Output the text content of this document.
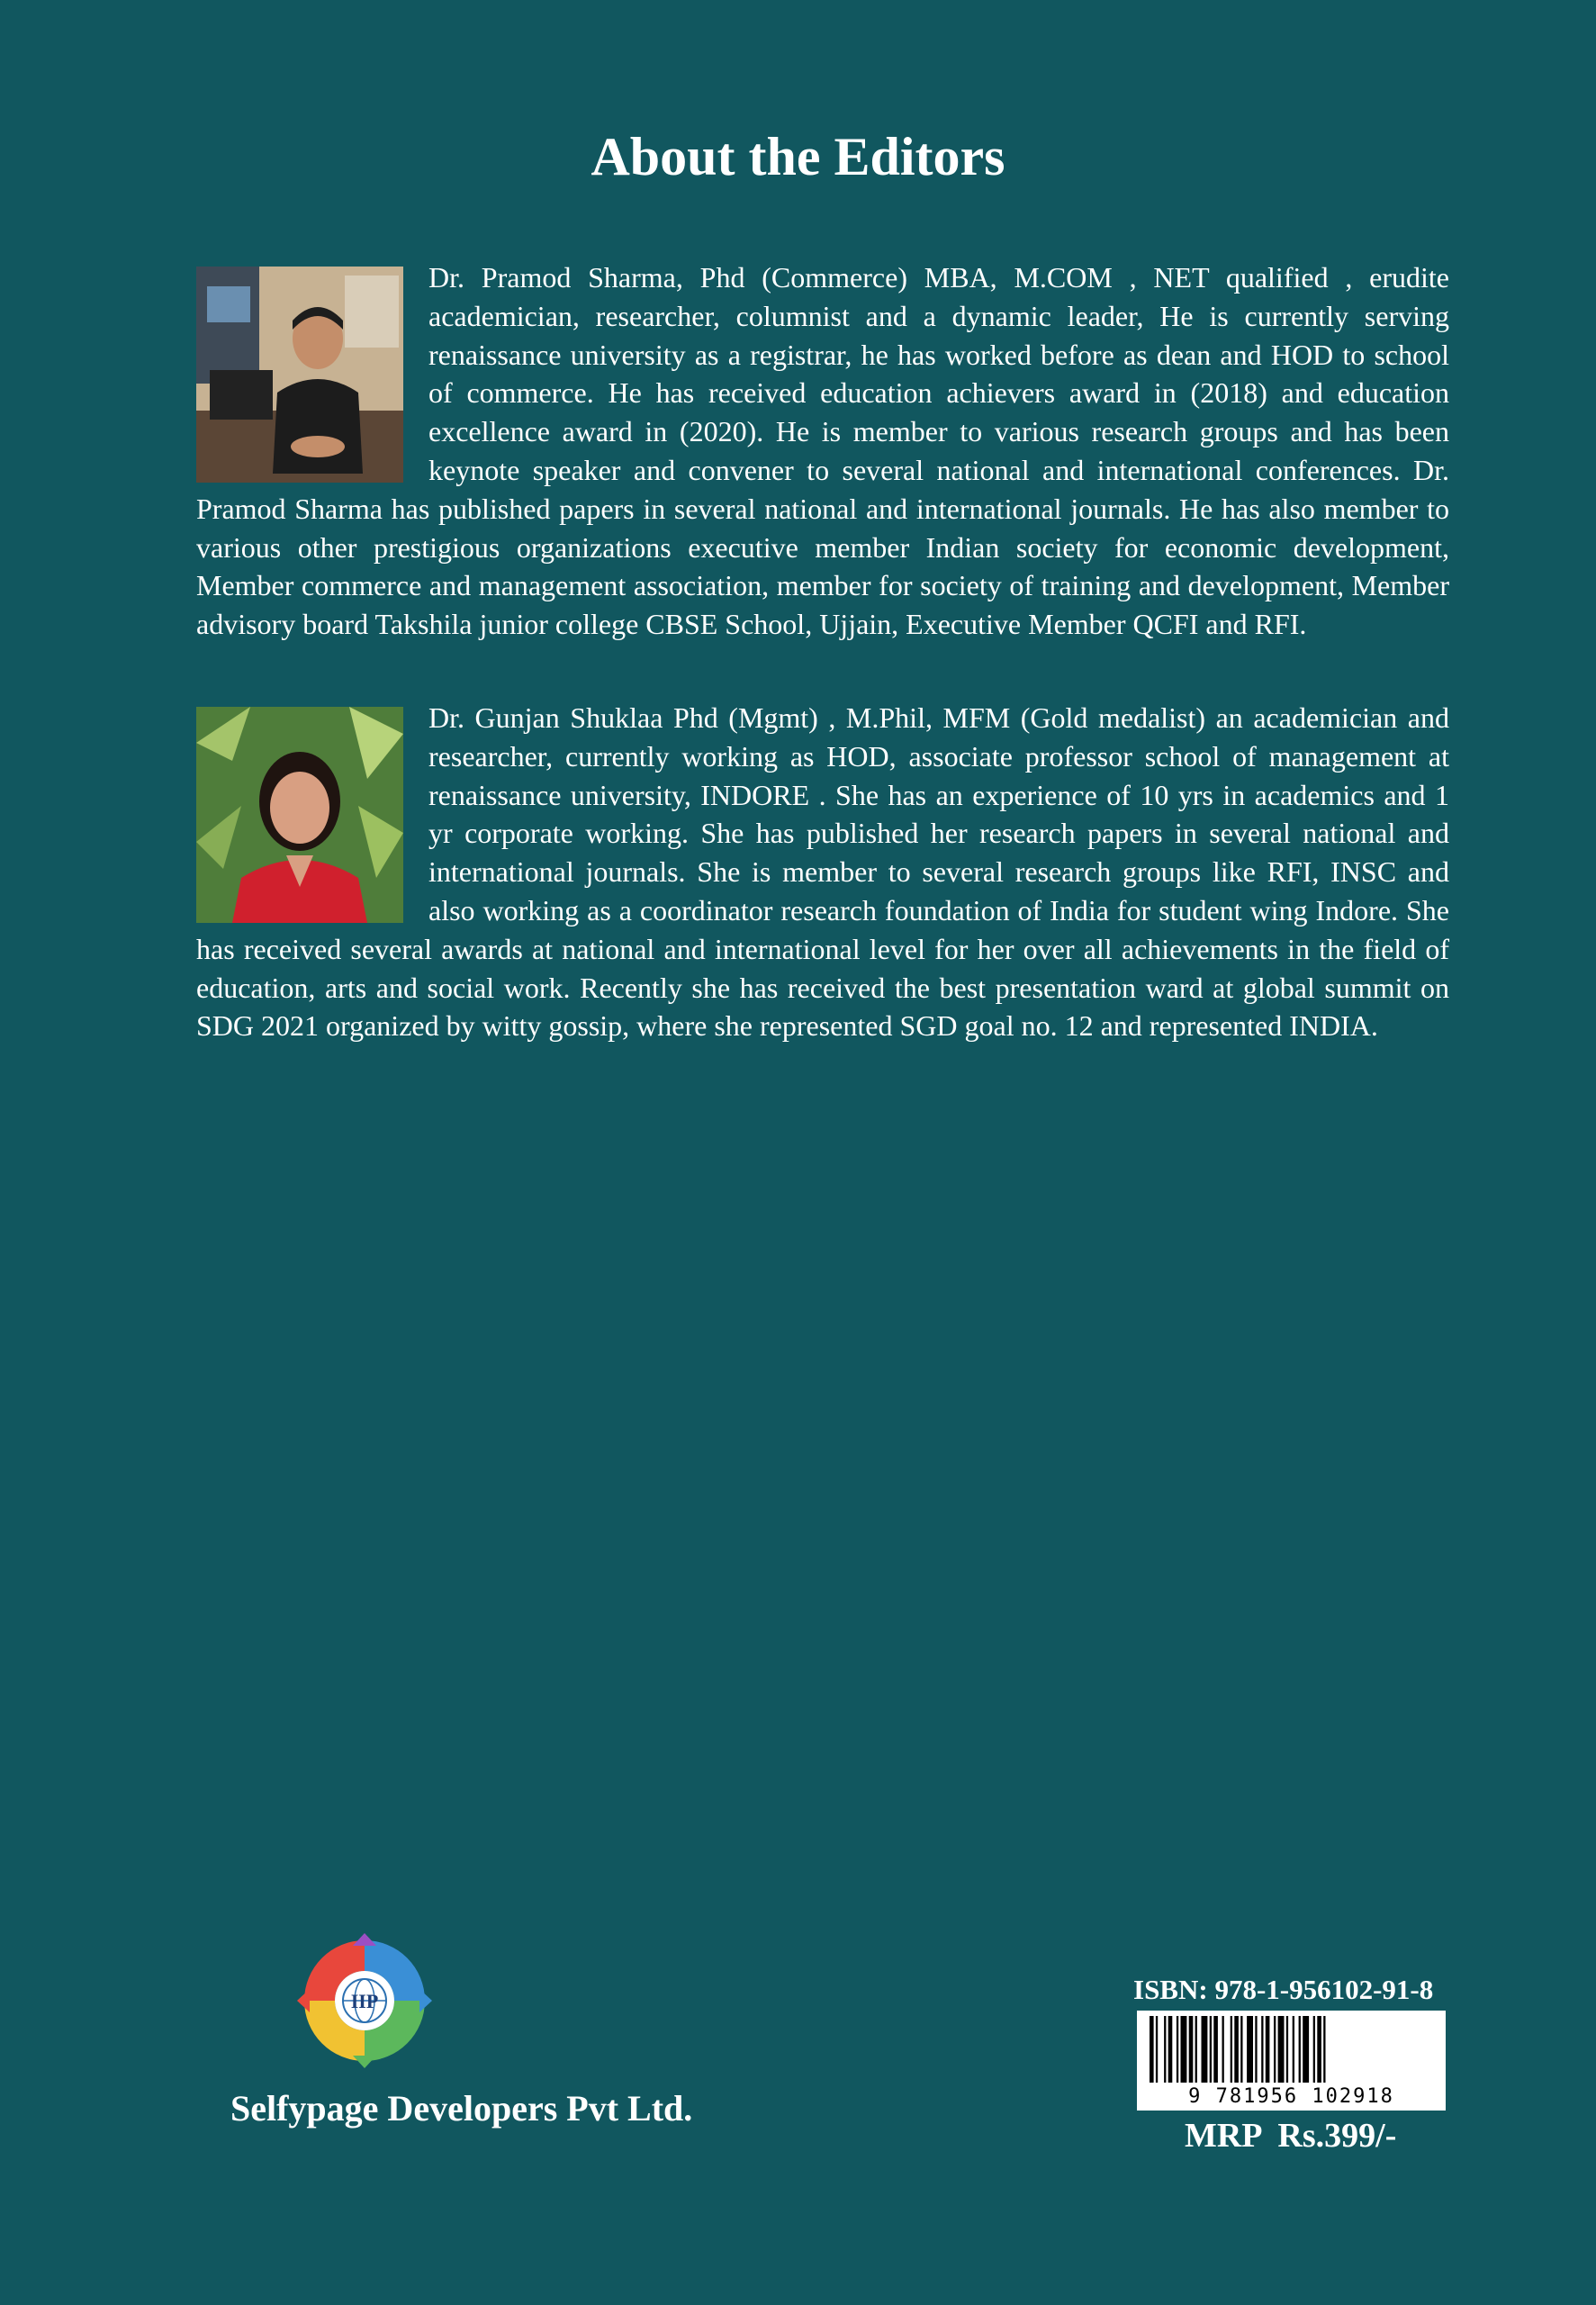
About the Editors
Dr. Pramod Sharma, Phd (Commerce) MBA, M.COM , NET qualified , erudite academician, researcher, columnist and a dynamic leader, He is currently serving renaissance university as a registrar, he has worked before as dean and HOD to school of commerce. He has received education achievers award in (2018) and education excellence award in (2020). He is member to various research groups and has been keynote speaker and convener to several national and international conferences. Dr. Pramod Sharma has published papers in several national and international journals. He has also member to various other prestigious organizations executive member Indian society for economic development, Member commerce and management association, member for society of training and development, Member advisory board Takshila junior college CBSE School, Ujjain, Executive Member QCFI and RFI.
Dr. Gunjan Shuklaa Phd (Mgmt) , M.Phil, MFM (Gold medalist) an academician and researcher, currently working as HOD, associate professor school of management at renaissance university, INDORE . She has an experience of 10 yrs in academics and 1 yr corporate working. She has published her research papers in several national and international journals. She is member to several research groups like RFI, INSC and also working as a coordinator research foundation of India for student wing Indore. She has received several awards at national and international level for her over all achievements in the field of education, arts and social work. Recently she has received the best presentation ward at global summit on SDG 2021 organized by witty gossip, where she represented SGD goal no. 12 and represented INDIA.
IIP

Selfypage Developers Pvt Ltd.

ISBN: 978-1-956102-91-8

9 781956 102918

MRP  Rs.399/-
